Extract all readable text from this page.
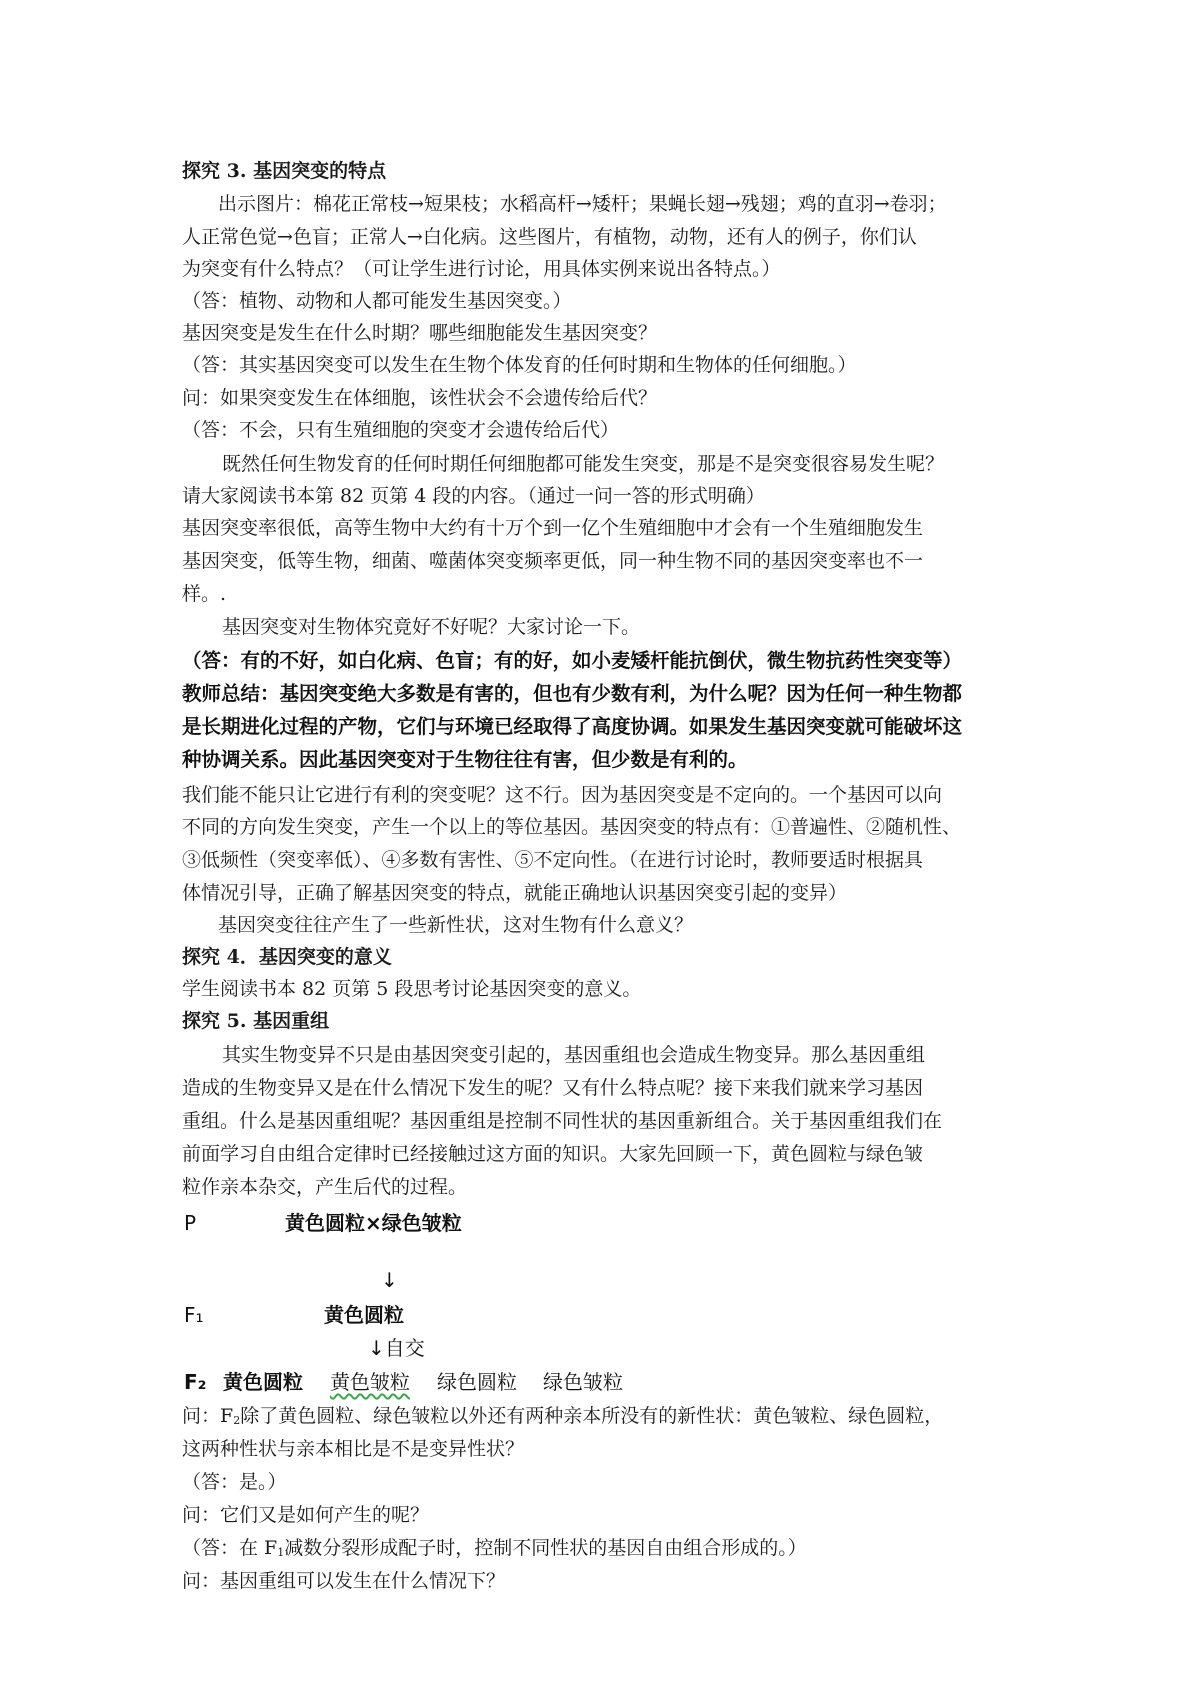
探究 3. 基因突变的特点
出示图片：棉花正常枝→短果枝；水稻高杆→矮杆；果蝇长翅→残翅；鸡的直羽→卷羽；
人正常色觉→色盲；正常人→白化病。这些图片，有植物，动物，还有人的例子，你们认
为突变有什么特点？（可让学生进行讨论，用具体实例来说出各特点。）
（答：植物、动物和人都可能发生基因突变。）
基因突变是发生在什么时期？哪些细胞能发生基因突变？
（答：其实基因突变可以发生在生物个体发育的任何时期和生物体的任何细胞。）
问：如果突变发生在体细胞，该性状会不会遗传给后代？
（答：不会，只有生殖细胞的突变才会遗传给后代）
既然任何生物发育的任何时期任何细胞都可能发生突变，那是不是突变很容易发生呢？
请大家阅读书本第 82 页第 4 段的内容。（通过一问一答的形式明确）
基因突变率很低，高等生物中大约有十万个到一亿个生殖细胞中才会有一个生殖细胞发生
基因突变，低等生物，细菌、噬菌体突变频率更低，同一种生物不同的基因突变率也不一
样。.
基因突变对生物体究竟好不好呢？大家讨论一下。
（答：有的不好，如白化病、色盲；有的好，如小麦矮杆能抗倒伏，微生物抗药性突变等）
教师总结：基因突变绝大多数是有害的，但也有少数有利，为什么呢？因为任何一种生物都
是长期进化过程的产物，它们与环境已经取得了高度协调。如果发生基因突变就可能破坏这
种协调关系。因此基因突变对于生物往往有害，但少数是有利的。
我们能不能只让它进行有利的突变呢？这不行。因为基因突变是不定向的。一个基因可以向
不同的方向发生突变，产生一个以上的等位基因。基因突变的特点有：①普遍性、②随机性、
③低频性（突变率低）、④多数有害性、⑤不定向性。（在进行讨论时，教师要适时根据具
体情况引导，正确了解基因突变的特点，就能正确地认识基因突变引起的变异）
基因突变往往产生了一些新性状，这对生物有什么意义？
探究 4．基因突变的意义
学生阅读书本 82 页第 5 段思考讨论基因突变的意义。
探究 5. 基因重组
其实生物变异不只是由基因突变引起的，基因重组也会造成生物变异。那么基因重组
造成的生物变异又是在什么情况下发生的呢？又有什么特点呢？接下来我们就来学习基因
重组。什么是基因重组呢？基因重组是控制不同性状的基因重新组合。关于基因重组我们在
前面学习自由组合定律时已经接触过这方面的知识。大家先回顾一下，黄色圆粒与绿色皱
粒作亲本杂交，产生后代的过程。
P	黄色圆粒×绿色皱粒
↓
F₁	黄色圆粒
↓自交
F₂ 黄色圆粒 黄色皱粒 绿色圆粒 绿色皱粒
问：$F_2$除了黄色圆粒、绿色皱粒以外还有两种亲本所没有的新性状：黄色皱粒、绿色圆粒，
这两种性状与亲本相比是不是变异性状？
（答：是。）
问：它们又是如何产生的呢？
（答：在 $F_1$减数分裂形成配子时，控制不同性状的基因自由组合形成的。）
问：基因重组可以发生在什么情况下？
